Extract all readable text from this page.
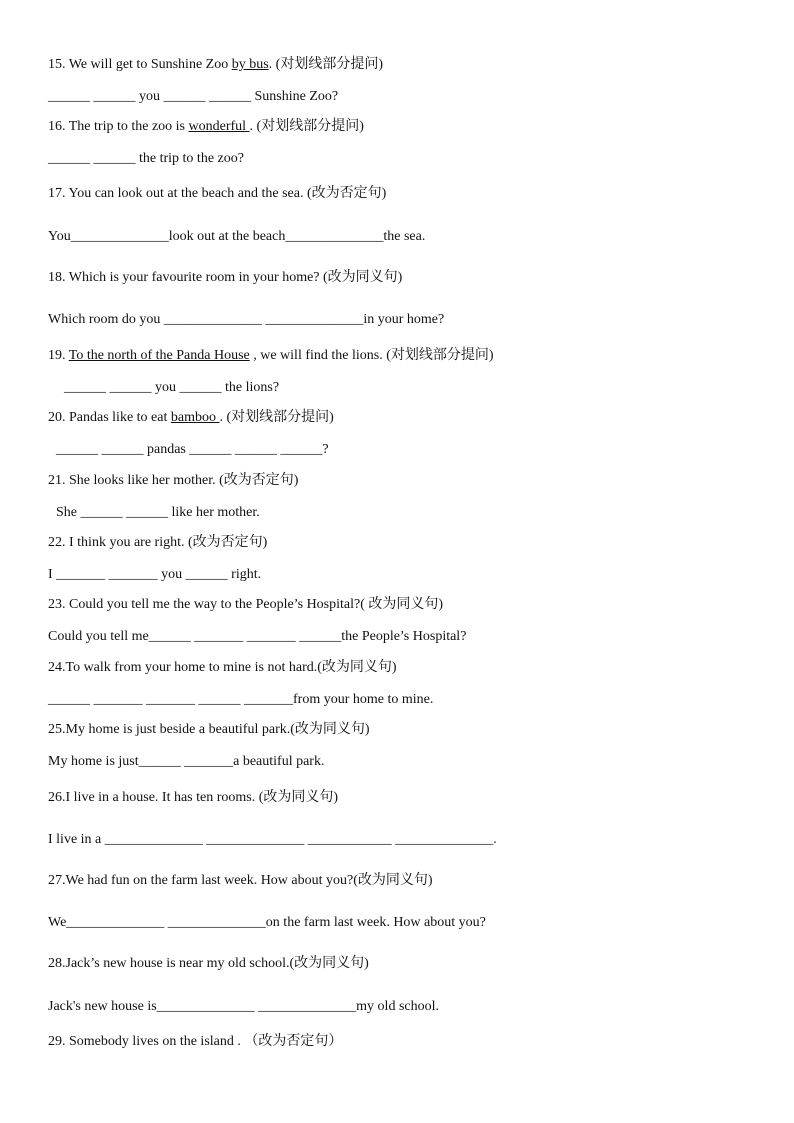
15. We will get to Sunshine Zoo by bus. (对划线部分提问)
______ ______ you ______ ______ Sunshine Zoo?
16. The trip to the zoo is wonderful . (对划线部分提问)
______ ______ the trip to the zoo?
17. You can look out at the beach and the sea. (改为否定句)
You______________look out at the beach______________the sea.
18. Which is your favourite room in your home? (改为同义句)
Which room do you ______________ ______________in your home?
19. To the north of the Panda House , we will find the lions. (对划线部分提问)
______ ______ you ______ the lions?
20. Pandas like to eat bamboo . (对划线部分提问)
______ ______ pandas ______ ______ ______?
21. She looks like her mother. (改为否定句)
She ______ ______ like her mother.
22. I think you are right. (改为否定句)
I _______ _______ you ______ right.
23. Could you tell me the way to the People’s Hospital?( 改为同义句)
Could you tell me______ _______ _______ ______the People’s Hospital?
24.To walk from your home to mine is not hard.(改为同义句)
______ _______ _______ ______ _______from your home to mine.
25.My home is just beside a beautiful park.(改为同义句)
My home is just______ _______a beautiful park.
26.I live in a house. It has ten rooms. (改为同义句)
I live in a ______________ ______________ ____________ ______________.
27.We had fun on the farm last week. How about you?(改为同义句)
We______________ ______________on the farm last week. How about you?
28.Jack’s new house is near my old school.(改为同义句)
Jack's new house is______________ ______________my old school.
29. Somebody lives on the island . （改为否定句）
